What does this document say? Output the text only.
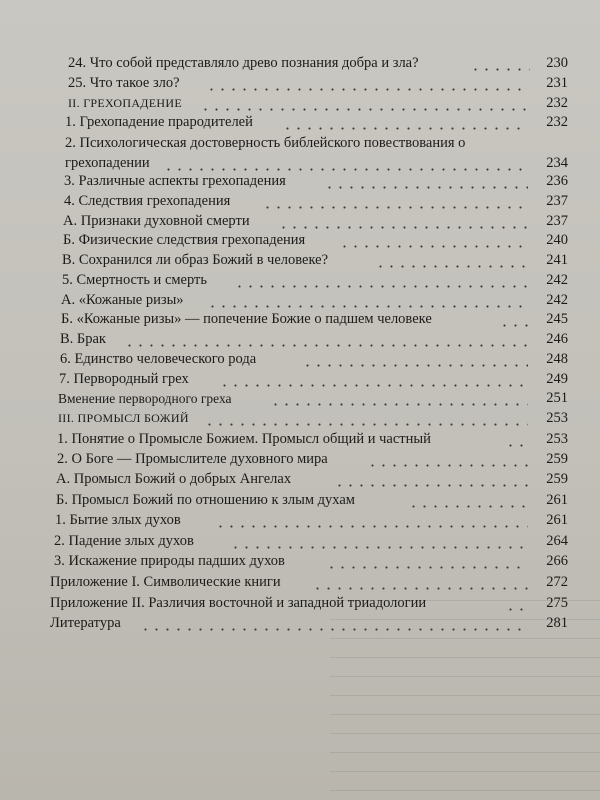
24. Что собой представляло древо познания добра и зла?	230
25. Что такое зло?	231
II. ГРЕХОПАДЕНИЕ	232
1. Грехопадение прародителей	232
2. Психологическая достоверность библейского повествования о
грехопадении	234
3. Различные аспекты грехопадения	236
4. Следствия грехопадения	237
А. Признаки духовной смерти	237
Б. Физические следствия грехопадения	240
В. Сохранился ли образ Божий в человеке?	241
5. Смертность и смерть	242
А. «Кожаные ризы»	242
Б. «Кожаные ризы» — попечение Божие о падшем человеке	245
В. Брак	246
6. Единство человеческого рода	248
7. Первородный грех	249
Вменение первородного греха	251
III. ПРОМЫСЛ БОЖИЙ	253
1. Понятие о Промысле Божием. Промысл общий и частный	253
2. О Боге — Промыслителе духовного мира	259
А. Промысл Божий о добрых Ангелах	259
Б. Промысл Божий по отношению к злым духам	261
1. Бытие злых духов	261
2. Падение злых духов	264
3. Искажение природы падших духов	266
Приложение I. Символические книги	272
Приложение II. Различия восточной и западной триадологии	275
Литература	281
